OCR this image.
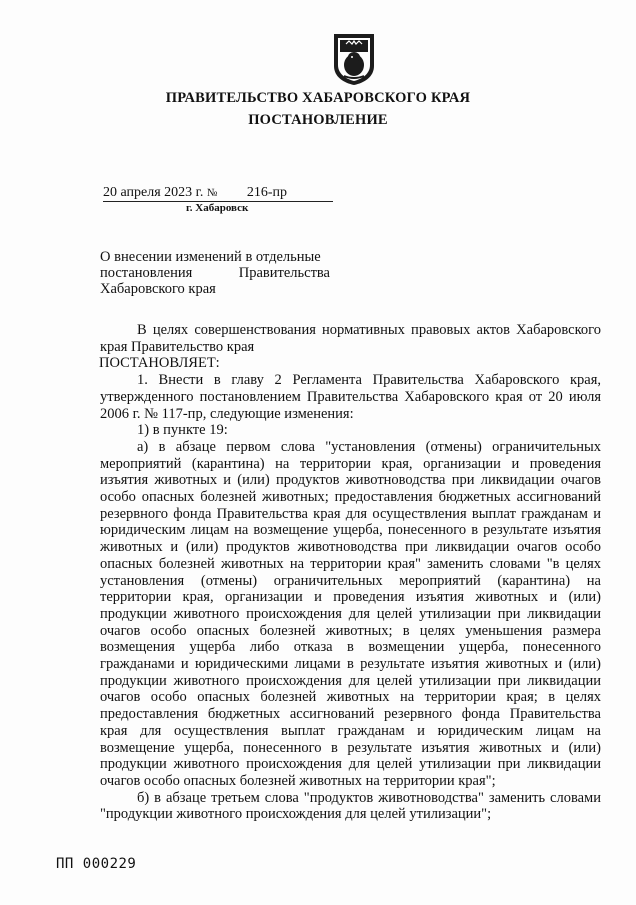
ПРАВИТЕЛЬСТВО ХАБАРОВСКОГО КРАЯ
ПОСТАНОВЛЕНИЕ
20 апреля 2023 г. № 216-пр
г. Хабаровск
О внесении изменений в отдельные
постановления	Правительства
Хабаровского края

В целях совершенствования нормативных правовых актов Хабаровского края Правительство края

ПОСТАНОВЛЯЕТ:

1. Внести в главу 2 Регламента Правительства Хабаровского края, утвержденного постановлением Правительства Хабаровского края от 20 июля 2006 г. № 117-пр, следующие изменения:

1) в пункте 19:

а) в абзаце первом слова "установления (отмены) ограничительных мероприятий (карантина) на территории края, организации и проведения изъятия животных и (или) продуктов животноводства при ликвидации очагов особо опасных болезней животных; предоставления бюджетных ассигнований резервного фонда Правительства края для осуществления выплат гражданам и юридическим лицам на возмещение ущерба, понесенного в результате изъятия животных и (или) продуктов животноводства при ликвидации очагов особо опасных болезней животных на территории края" заменить словами "в целях установления (отмены) ограничительных мероприятий (карантина) на территории края, организации и проведения изъятия животных и (или) продукции животного происхождения для целей утилизации при ликвидации очагов особо опасных болезней животных; в целях уменьшения размера возмещения ущерба либо отказа в возмещении ущерба, понесенного гражданами и юридическими лицами в результате изъятия животных и (или) продукции животного происхождения для целей утилизации при ликвидации очагов особо опасных болезней животных на территории края; в целях предоставления бюджетных ассигнований резервного фонда Правительства края для осуществления выплат гражданам и юридическим лицам на возмещение ущерба, понесенного в результате изъятия животных и (или) продукции животного происхождения для целей утилизации при ликвидации очагов особо опасных болезней животных на территории края";

б) в абзаце третьем слова "продуктов животноводства" заменить словами "продукции животного происхождения для целей утилизации";

ПП 000229
